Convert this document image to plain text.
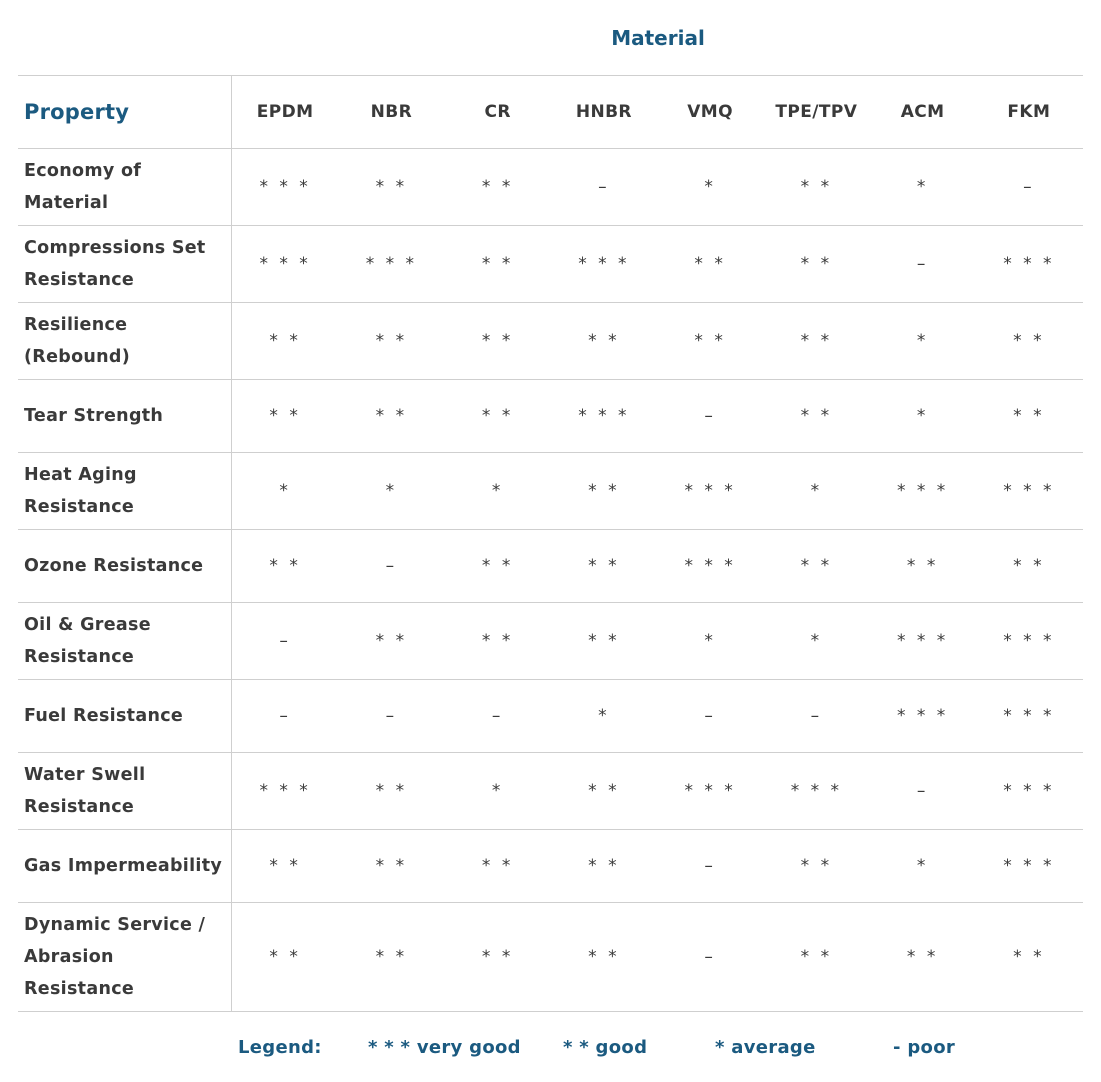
Material
Property	EPDM	NBR	CR	HNBR	VMQ	TPE/TPV	ACM	FKM
Economy of Material
* * *	* *	* *	–	*	* *	*	–
Compressions Set Resistance
* * *	* * *	* *	* * *	* *	* *	–	* * *
Resilience (Rebound)
* *	* *	* *	* *	* *	* *	*	* *
Tear Strength	* *	* *	* *	* * *	–	* *	*	* *
Heat Aging Resistance
*	*	*	* *	* * *	*	* * *	* * *
Ozone Resistance	* *	–	* *	* *	* * *	* *	* *	* *
Oil & Grease Resistance
–	* *	* *	* *	*	*	* * *	* * *
Fuel Resistance	–	–	–	*	–	–	* * *	* * *
Water Swell Resistance
* * *	* *	*	* *	* * *	* * *	–	* * *
Gas Impermeability	* *	* *	* *	* *	–	* *	*	* * *
Dynamic Service / Abrasion Resistance
* *	* *	* *	* *	–	* *	* *	* *
Legend:	* * * very good * * good	* average	- poor
